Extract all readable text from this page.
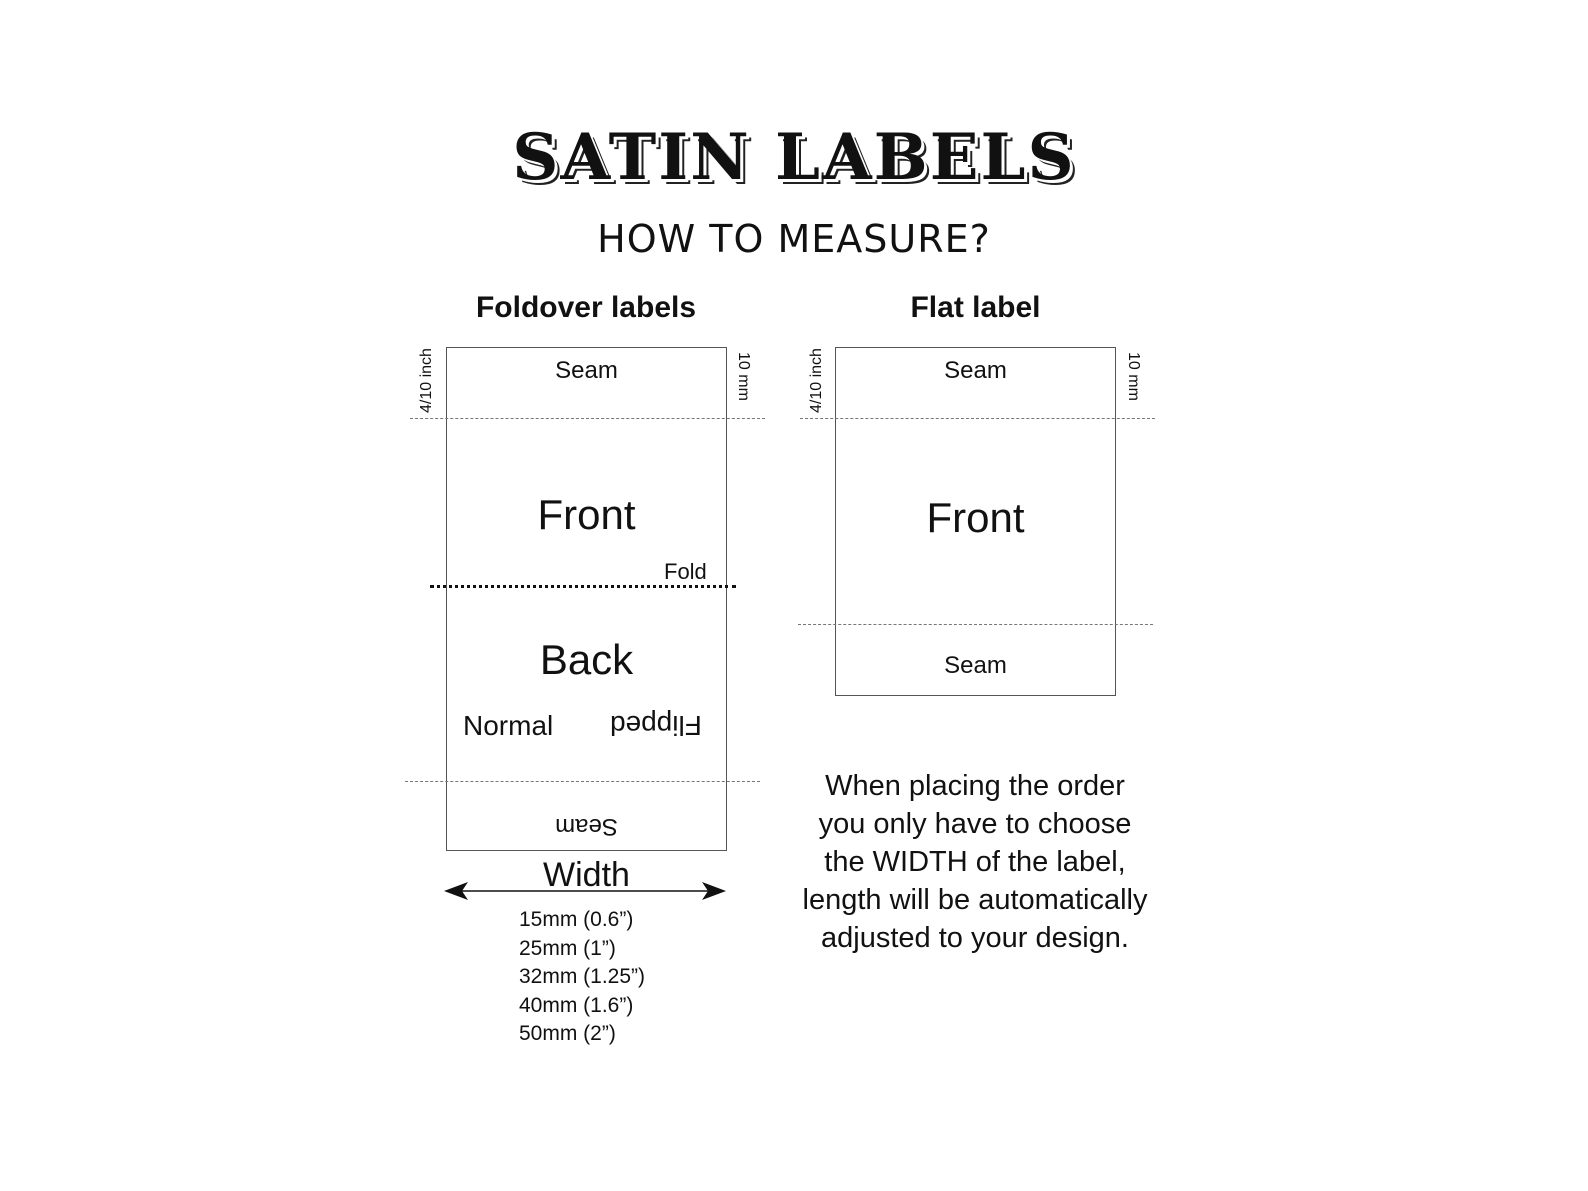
SATIN LABELS
HOW TO MEASURE?
Foldover labels
4/10 inch	10 mm
Seam
Front
Fold
Back
Normal Flipped
Seam
Width
15mm (0.6”)
25mm (1”)
32mm (1.25”)
40mm (1.6”)
50mm (2”)
Flat label
4/10 inch	10 mm
Seam
Front
Seam
When placing the order
you only have to choose
the WIDTH of the label,
length will be automatically
adjusted to your design.
